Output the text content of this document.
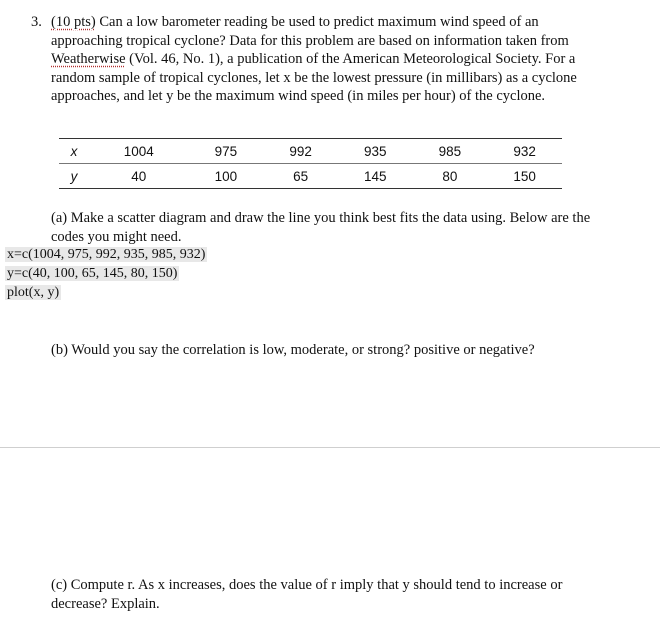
3. (10 pts) Can a low barometer reading be used to predict maximum wind speed of an approaching tropical cyclone? Data for this problem are based on information taken from Weatherwise (Vol. 46, No. 1), a publication of the American Meteorological Society. For a random sample of tropical cyclones, let x be the lowest pressure (in millibars) as a cyclone approaches, and let y be the maximum wind speed (in miles per hour) of the cyclone.
x	1004	975	992	935	985	932
y	40	100	65	145	80	150
(a) Make a scatter diagram and draw the line you think best fits the data using. Below are the codes you might need.
x=c(1004, 975, 992, 935, 985, 932)
y=c(40, 100, 65, 145, 80, 150)
plot(x, y)
(b) Would you say the correlation is low, moderate, or strong? positive or negative?
(c) Compute r. As x increases, does the value of r imply that y should tend to increase or decrease? Explain.
